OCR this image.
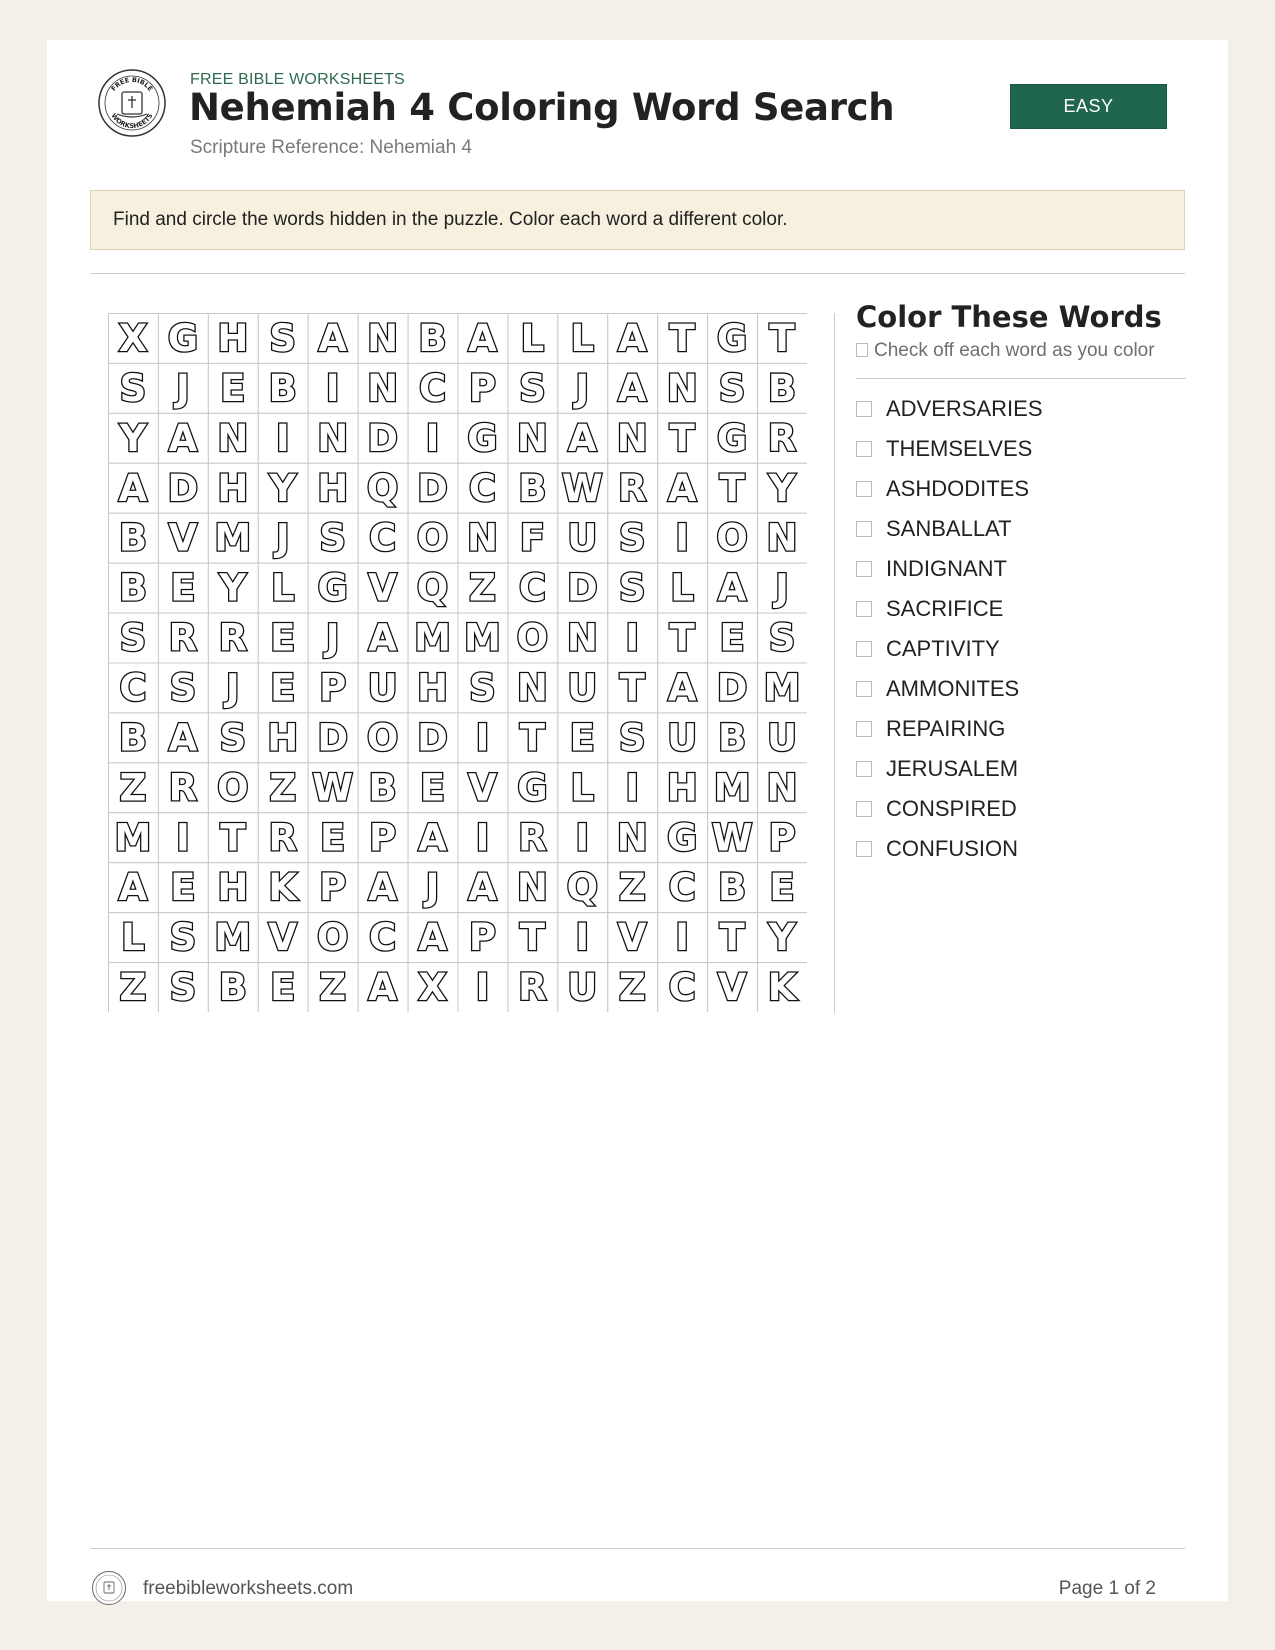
FREE BIBLE
WORKSHEETS
FREE BIBLE WORKSHEETS
Nehemiah 4 Coloring Word Search
Scripture Reference: Nehemiah 4
EASY
Find and circle the words hidden in the puzzle. Color each word a different color.
X G H S A N B A L L A T G T
S J E B I N C P S J A N S B
Y A N I N D I G N A N T G R
A D H Y H Q D C B W R A T Y
B V M J S C O N F U S I O N
B E Y L G V Q Z C D S L A J
S R R E J A M M O N I T E S
C S J E P U H S N U T A D M
B A S H D O D I T E S U B U
Z R O Z W B E V G L I H M N
M I T R E P A I R I N G W P
A E H K P A J A N Q Z C B E
L S M V O C A P T I V I T Y
Z S B E Z A X I R U Z C V K
Color These Words
Check off each word as you color
ADVERSARIES
THEMSELVES
ASHDODITES
SANBALLAT
INDIGNANT
SACRIFICE
CAPTIVITY
AMMONITES
REPAIRING
JERUSALEM
CONSPIRED
CONFUSION
freebibleworksheets.com	Page 1 of 2
